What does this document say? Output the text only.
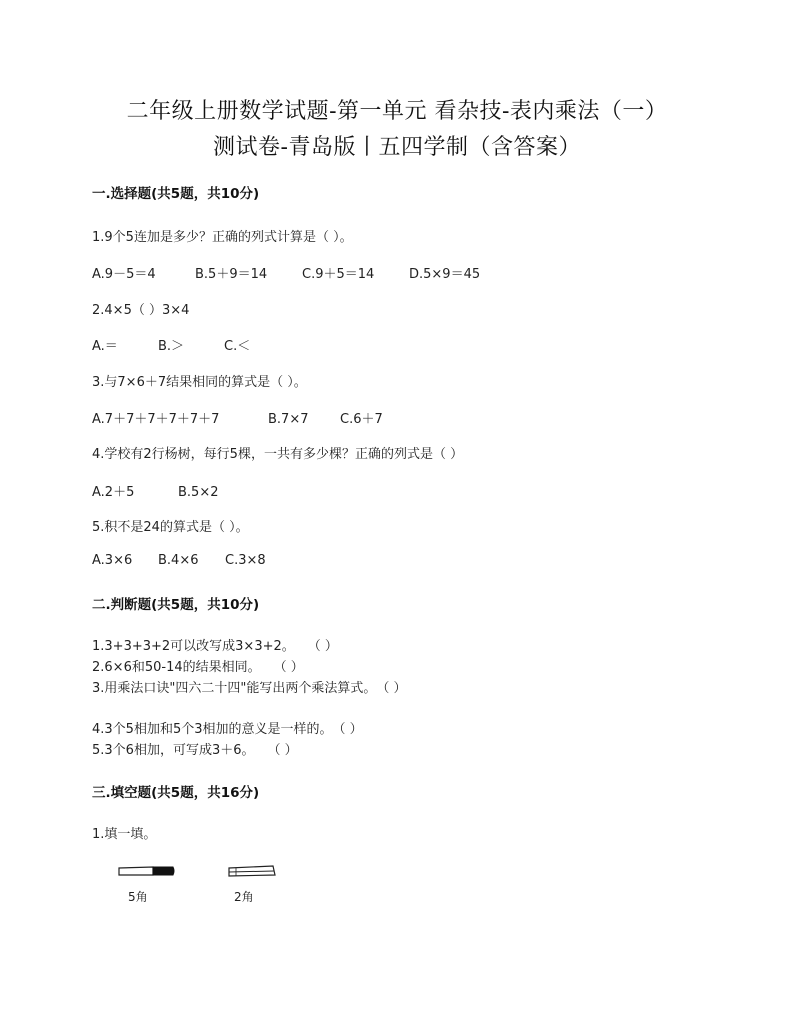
二年级上册数学试题-第一单元 看杂技-表内乘法（一）
测试卷-青岛版丨五四学制（含答案）
一.选择题(共5题，共10分)
1.9个5连加是多少？正确的列式计算是（ ）。
A.9－5＝4	B.5＋9＝14	C.9＋5＝14	D.5×9＝45
2.4×5（ ）3×4
A.＝	B.＞	C.＜
3.与7×6＋7结果相同的算式是（ ）。
A.7＋7＋7＋7＋7＋7	B.7×7 C.6＋7
4.学校有2行杨树，每行5棵，一共有多少棵？正确的列式是（ ）
A.2＋5	B.5×2
5.积不是24的算式是（ ）。
A.3×6 B.4×6 C.3×8
二.判断题(共5题，共10分)
1.3+3+3+2可以改写成3×3+2。　　（ ）
2.6×6和50-14的结果相同。　　（ ）
3.用乘法口诀"四六二十四"能写出两个乘法算式。　（ ）
4.3个5相加和5个3相加的意义是一样的。　（ ）
5.3个6相加，可写成3＋6。　　（ ）
三.填空题(共5题，共16分)
1.填一填。
5角	2角
